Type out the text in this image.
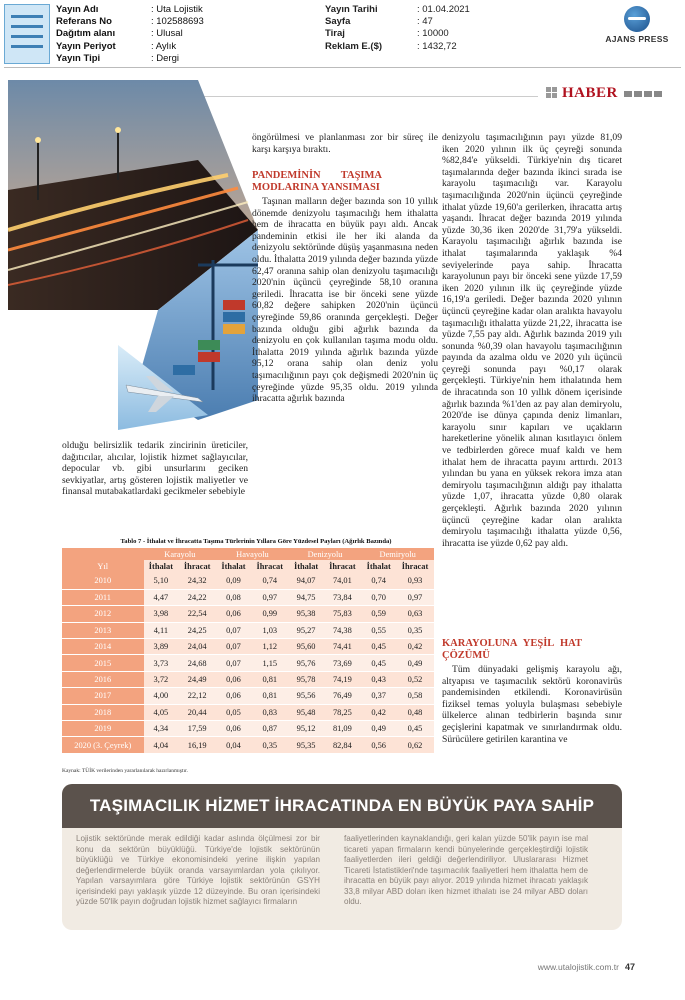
Yayın Adı	: Uta Lojistik
Referans No	: 102588693
Dağıtım alanı	: Ulusal
Yayın Periyot	: Aylık
Yayın Tipi	: Dergi
Yayın Tarihi	: 01.04.2021
Sayfa	: 47
Tiraj	: 10000
Reklam E.($)	: 1432,72
AJANS PRESS
HABER

öngörülmesi ve planlanması zor bir süreç ile karşı karşıya bıraktı.

PANDEMİNİN TAŞIMA MODLARINA YANSIMASI

Taşınan malların değer bazında son 10 yıllık dönemde denizyolu taşımacılığı hem ithalatta hem de ihracatta en büyük payı aldı. Ancak pandeminin etkisi ile her iki alanda da denizyolu sektöründe düşüş yaşanmasına neden oldu. İthalatta 2019 yılında değer bazında yüzde 62,47 oranına sahip olan denizyolu taşımacılığı 2020'nin üçüncü çeyreğinde 58,10 oranına geriledi. İhracatta ise bir önceki sene yüzde 60,82 değere sahipken 2020'nin üçüncü çeyreğinde 59,86 oranında gerçekleşti. Değer bazında olduğu gibi ağırlık bazında da denizyolu en çok kullanılan taşıma modu oldu. İthalatta 2019 yılında ağırlık bazında yüzde 95,12 orana sahip olan deniz yolu taşımacılığının payı çok değişmedi 2020'nin üç çeyreğinde yüzde 95,35 oldu. 2019 yılında ihracatta ağırlık bazında

olduğu belirsizlik tedarik zincirinin üreticiler, dağıtıcılar, alıcılar, lojistik hizmet sağlayıcılar, depocular vb. gibi unsurlarını geciken sevkiyatlar, artış gösteren lojistik maliyetler ve finansal mutabakatlardaki gecikmeler sebebiyle

denizyolu taşımacılığının payı yüzde 81,09 iken 2020 yılının ilk üç çeyreği sonunda %82,84'e yükseldi. Türkiye'nin dış ticaret taşımalarında değer bazında ikinci sırada ise karayolu taşımacılığı var. Karayolu taşımacılığında 2020'nin üçüncü çeyreğinde ithalat yüzde 19,60'a gerilerken, ihracatta artış yaşandı. İhracat değer bazında 2019 yılında yüzde 30,36 iken 2020'de 31,79'a yükseldi. Karayolu taşımacılığı ağırlık bazında ise ithalat taşımalarında yaklaşık %4 seviyelerinde paya sahip. İhracatta karayolunun payı bir önceki sene yüzde 17,59 iken 2020 yılının ilk üç çeyreğinde yüzde 16,19'a geriledi. Değer bazında 2020 yılının üçüncü çeyreğine kadar olan aralıkta havayolu taşımacılığı ithalatta yüzde 21,22, ihracatta ise yüzde 7,55 pay aldı. Ağırlık bazında 2019 yılı sonunda %0,39 olan havayolu taşımacılığının payında da azalma oldu ve 2020 yılı üçüncü çeyreği sonunda payı %0,17 olarak gerçekleşti. Türkiye'nin hem ithalatında hem de ihracatında son 10 yıllık dönem içerisinde ağırlık bazında %1'den az pay alan demiryolu, 2020'de ise dünya çapında deniz limanları, karayolu sınır kapıları ve uçakların hareketlerine yönelik alınan kısıtlayıcı önlem ve tedbirlerden görece muaf kaldı ve hem ithalat hem de ihracatta payını arttırdı. 2013 yılından bu yana en yüksek rekora imza atan demiryolu taşımacılığının aldığı pay ithalatta yüzde 1,07, ihracatta yüzde 0,80 olarak gerçekleşti. Ağırlık bazında 2020 yılının üçüncü çeyreğine kadar olan aralıkta demiryolu taşımacılığı ithalatta yüzde 0,56, ihracatta ise yüzde 0,62 pay aldı.

KARAYOLUNA YEŞİL HAT ÇÖZÜMÜ

Tüm dünyadaki gelişmiş karayolu ağı, altyapısı ve taşımacılık sektörü koronavirüs pandemisinden etkilendi. Koronavirüsün fiziksel temas yoluyla bulaşması sebebiyle ülkelerce alınan tedbirlerin başında sınır geçişlerini kapatmak ve sınırlandırmak oldu. Sürücülere getirilen karantina ve

Tablo 7 - İthalat ve İhracatta Taşıma Türlerinin Yıllara Göre Yüzdesel Payları (Ağırlık Bazında)
	Karayolu		Havayolu		Denizyolu		Demiryolu	
Yıl	İthalat	İhracat	İthalat	İhracat	İthalat	İhracat	İthalat	İhracat
2010	5,10	24,32	0,09	0,74	94,07	74,01	0,74	0,93
2011	4,47	24,22	0,08	0,97	94,75	73,84	0,70	0,97
2012	3,98	22,54	0,06	0,99	95,38	75,83	0,59	0,63
2013	4,11	24,25	0,07	1,03	95,27	74,38	0,55	0,35
2014	3,89	24,04	0,07	1,12	95,60	74,41	0,45	0,42
2015	3,73	24,68	0,07	1,15	95,76	73,69	0,45	0,49
2016	3,72	24,49	0,06	0,81	95,78	74,19	0,43	0,52
2017	4,00	22,12	0,06	0,81	95,56	76,49	0,37	0,58
2018	4,05	20,44	0,05	0,83	95,48	78,25	0,42	0,48
2019	4,34	17,59	0,06	0,87	95,12	81,09	0,49	0,45
2020 (3. Çeyrek)	4,04	16,19	0,04	0,35	95,35	82,84	0,56	0,62
Kaynak: TÜİK verilerinden yararlanılarak hazırlanmıştır.
TAŞIMACILIK HİZMET İHRACATINDA EN BÜYÜK PAYA SAHİP
Lojistik sektöründe merak edildiği kadar aslında ölçülmesi zor bir konu da sektörün büyüklüğü. Türkiye'de lojistik sektörünün büyüklüğü ve Türkiye ekonomisindeki yerine ilişkin yapılan değerlendirmelerde büyük oranda varsayımlardan yola çıkılıyor. Yapılan varsayımlara göre Türkiye lojistik sektörünün GSYH içerisindeki payı yaklaşık yüzde 12 düzeyinde. Bu oran içerisindeki yüzde 50'lik payın doğrudan lojistik hizmet sağlayıcı firmaların
faaliyetlerinden kaynaklandığı, geri kalan yüzde 50'lik payın ise mal ticareti yapan firmaların kendi bünyelerinde gerçekleştirdiği lojistik faaliyetlerden ileri geldiği değerlendiriliyor. Uluslararası Hizmet Ticareti İstatistikleri'nde taşımacılık faaliyetleri hem ithalatta hem de ihracatta en büyük payı alıyor. 2019 yılında hizmet ihracatı yaklaşık 33,8 milyar ABD doları iken hizmet ithalatı ise 24 milyar ABD doları oldu.
www.utalojistik.com.tr 47
